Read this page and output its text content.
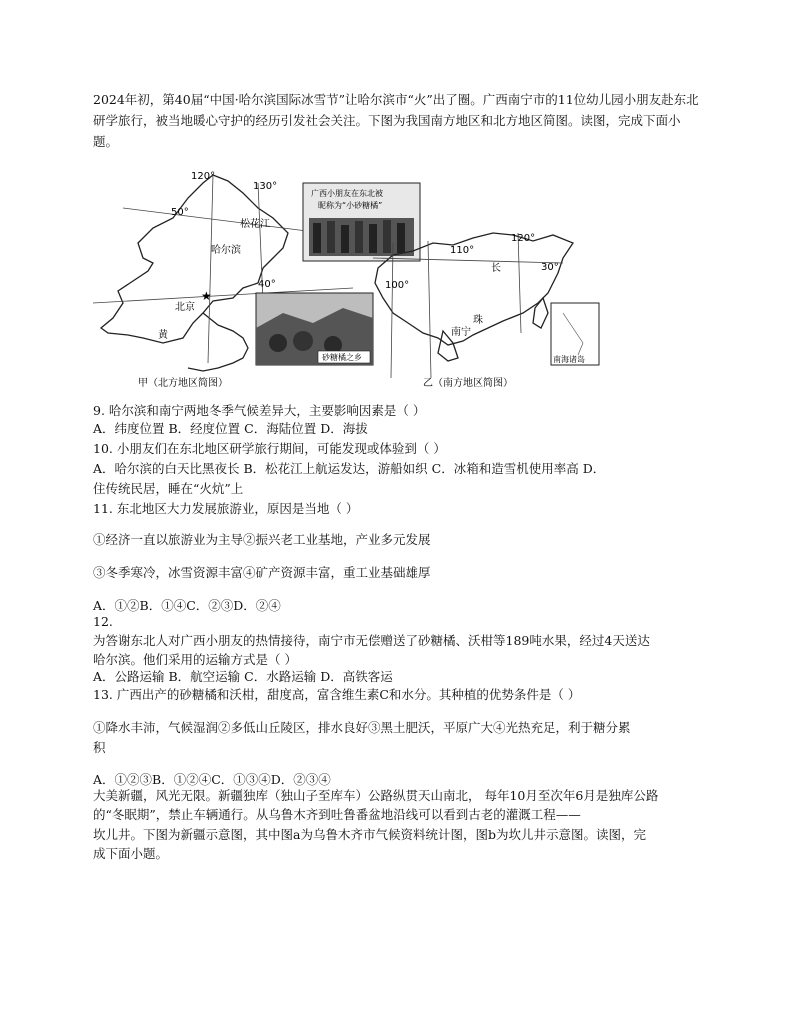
2024年初，第40届“中国·哈尔滨国际冰雪节”让哈尔滨市“火”出了圈。广西南宁市的11位幼儿园小朋友赴东北研学旅行，被当地暖心守护的经历引发社会关注。下图为我国南方地区和北方地区简图。读图，完成下面小题。

120°
130°
50°
40°
松花江
哈尔滨
北京
★
黄
广西小朋友在东北被
昵称为“小砂糖橘”
砂糖橘之乡
100°
110°
120°
30°
长
珠
南宁
南海诸岛
甲（北方地区简图）	乙（南方地区简图）

9. 哈尔滨和南宁两地冬季气候差异大，主要影响因素是（ ）

A．纬度位置 B．经度位置 C．海陆位置 D．海拔

10. 小朋友们在东北地区研学旅行期间，可能发现或体验到（ ）

A．哈尔滨的白天比黑夜长 B．松花江上航运发达，游船如织 C．冰箱和造雪机使用率高 D．

住传统民居，睡在“火炕”上

11. 东北地区大力发展旅游业，原因是当地（ ）

①经济一直以旅游业为主导②振兴老工业基地，产业多元发展

③冬季寒冷，冰雪资源丰富④矿产资源丰富，重工业基础雄厚

A．①②B．①④C．②③D．②④

12.

为答谢东北人对广西小朋友的热情接待，南宁市无偿赠送了砂糖橘、沃柑等189吨水果，经过4天送达

哈尔滨。他们采用的运输方式是（ ）

A．公路运输 B．航空运输 C．水路运输 D．高铁客运

13. 广西出产的砂糖橘和沃柑，甜度高，富含维生素C和水分。其种植的优势条件是（ ）

①降水丰沛，气候湿润②多低山丘陵区，排水良好③黑土肥沃，平原广大④光热充足，利于糖分累

积

A．①②③B．①②④C．①③④D．②③④

大美新疆，风光无限。新疆独库（独山子至库车）公路纵贯天山南北， 每年10月至次年6月是独库公路

的“冬眠期”，禁止车辆通行。从乌鲁木齐到吐鲁番盆地沿线可以看到古老的灌溉工程——

坎儿井。下图为新疆示意图，其中图a为乌鲁木齐市气候资料统计图，图b为坎儿井示意图。读图，完

成下面小题。
